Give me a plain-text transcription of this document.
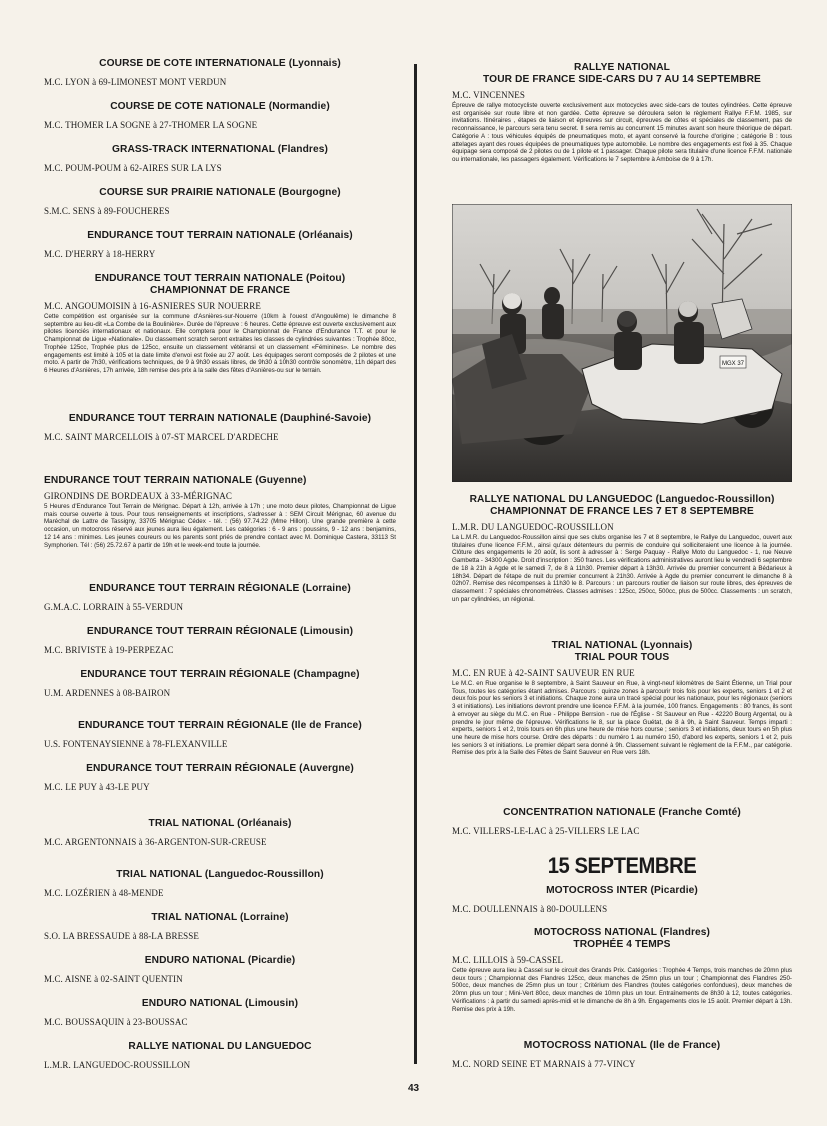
COURSE DE COTE INTERNATIONALE (Lyonnais)
M.C. LYON à 69-LIMONEST MONT VERDUN
COURSE DE COTE NATIONALE (Normandie)
M.C. THOMER LA SOGNE à 27-THOMER LA SOGNE
GRASS-TRACK INTERNATIONAL (Flandres)
M.C. POUM-POUM à 62-AIRES SUR LA LYS
COURSE SUR PRAIRIE NATIONALE (Bourgogne)
S.M.C. SENS à 89-FOUCHERES
ENDURANCE TOUT TERRAIN NATIONALE (Orléanais)
M.C. D'HERRY à 18-HERRY
ENDURANCE TOUT TERRAIN NATIONALE (Poitou)
CHAMPIONNAT DE FRANCE
M.C. ANGOUMOISIN à 16-ASNIERES SUR NOUERRE
Cette compétition est organisée sur la commune d'Asnières-sur-Nouerre (10km à l'ouest d'Angoulême) le dimanche 8 septembre au lieu-dit «La Combe de la Boulinière». Durée de l'épreuve : 6 heures. Cette épreuve est ouverte exclusivement aux pilotes licenciés internationaux et nationaux. Elle comptera pour le Championnat de France d'Endurance T.T. et pour le Championnat de Ligue «Nationale». Du classement scratch seront extraites les classes de cylindrées suivantes : Trophée 80cc, Trophée 125cc, Trophée plus de 125cc, ensuite un classement vétéransi et un classement «Féminines». Le nombre des engagements est limité à 105 et la date limite d'envoi est fixée au 27 août. Les équipages seront composés de 2 pilotes et une moto. A partir de 7h30, vérifications techniques, de 9 à 9h30 essais libres, de 9h30 à 10h30 contrôle sonomètre, 11h départ des 6 Heures d'Asnières, 17h arrivée, 18h remise des prix à la salle des fêtes d'Asnières-ou sur le terrain.
ENDURANCE TOUT TERRAIN NATIONALE (Dauphiné-Savoie)
M.C. SAINT MARCELLOIS à 07-ST MARCEL D'ARDECHE
ENDURANCE TOUT TERRAIN NATIONALE (Guyenne)
GIRONDINS DE BORDEAUX à 33-MÉRIGNAC
5 Heures d'Endurance Tout Terrain de Mérignac. Départ à 12h, arrivée à 17h ; une moto deux pilotes, Championnat de Ligue mais course ouverte à tous. Pour tous renseignements et inscriptions, s'adresser à : SEM Circuit Mérignac, 60 avenue du Maréchal de Lattre de Tassigny, 33705 Mérignac Cédex - tél. : (56) 97.74.22 (Mme Hillon). Une grande première à cette occasion, un motocross réservé aux jeunes aura lieu également. Les catégories : 6 - 9 ans : poussins, 9 - 12 ans : benjamins, 12 14 ans : minimes. Les jeunes coureurs ou les parents sont priés de prendre contact avec M. Dominique Castera, 33113 St Symphorien. Tél : (56) 25.72.67 à partir de 19h et le week-end toute la journée.
ENDURANCE TOUT TERRAIN RÉGIONALE (Lorraine)
G.M.A.C. LORRAIN à 55-VERDUN
ENDURANCE TOUT TERRAIN RÉGIONALE (Limousin)
M.C. BRIVISTE à 19-PERPEZAC
ENDURANCE TOUT TERRAIN RÉGIONALE (Champagne)
U.M. ARDENNES à 08-BAIRON
ENDURANCE TOUT TERRAIN RÉGIONALE (Ile de France)
U.S. FONTENAYSIENNE à 78-FLEXANVILLE
ENDURANCE TOUT TERRAIN RÉGIONALE (Auvergne)
M.C. LE PUY à 43-LE PUY
TRIAL NATIONAL (Orléanais)
M.C. ARGENTONNAIS à 36-ARGENTON-SUR-CREUSE
TRIAL NATIONAL (Languedoc-Roussillon)
M.C. LOZÉRIEN à 48-MENDE
TRIAL NATIONAL (Lorraine)
S.O. LA BRESSAUDE à 88-LA BRESSE
ENDURO NATIONAL (Picardie)
M.C. AISNE à 02-SAINT QUENTIN
ENDURO NATIONAL (Limousin)
M.C. BOUSSAQUIN à 23-BOUSSAC
RALLYE NATIONAL DU LANGUEDOC
L.M.R. LANGUEDOC-ROUSSILLON
RALLYE NATIONAL
TOUR DE FRANCE SIDE-CARS DU 7 AU 14 SEPTEMBRE
M.C. VINCENNES
Épreuve de rallye motocycliste ouverte exclusivement aux motocycles avec side-cars de toutes cylindrées. Cette épreuve est organisée sur route libre et non gardée. Cette épreuve se déroulera selon le règlement Rallye F.F.M. 1985, sur invitations. Itinéraires , étapes de liaison et épreuves sur circuit, épreuves de côtes et spéciales de classement, pas de reconnaissance, le parcours sera tenu secret. Il sera remis au concurrent 15 minutes avant son heure théorique de départ. Catégorie A : tous véhicules équipés de pneumatiques moto, et ayant conservé la fourche d'origine ; catégorie B : tous attelages ayant des roues équipées de pneumatiques type automobile. Le nombre des engagements est fixé à 35. Chaque équipage sera composé de 2 pilotes ou de 1 pilote et 1 passager. Chaque pilote sera titulaire d'une licence F.F.M. nationale ou internationale, les passagers également. Vérifications le 7 septembre à Amboise de 9 à 17h.
RALLYE NATIONAL DU LANGUEDOC (Languedoc-Roussillon)
CHAMPIONNAT DE FRANCE LES 7 ET 8 SEPTEMBRE
L.M.R. DU LANGUEDOC-ROUSSILLON
La L.M.R. du Languedoc-Roussillon ainsi que ses clubs organise les 7 et 8 septembre, le Rallye du Languedoc, ouvert aux titulaires d'une licence F.F.M., ainsi qu'aux détenteurs du permis de conduire qui solliciteraient une licence à la journée. Clôture des engagements le 20 août, lis sont à adresser à : Serge Paquay - Rallye Moto du Languedoc - 1, rue Neuve Gambetta - 34300 Agde. Droit d'inscription : 350 francs. Les vérifications administratives auront lieu le vendredi 6 septembre de 18 à 21h à Agde et le samedi 7, de 8 à 11h30. Premier départ à 13h30. Arrivée du premier concurrent à Bédarieux à 18h34. Départ de l'étape de nuit du premier concurrent à 21h30. Arrivée à Agde du premier concurrent le dimanche 8 à 02h07. Remise des récompenses à 11h30 le 8. Parcours : un parcours routier de liaison sur route libres, des épreuves de classement : 7 spéciales chronométrées. Classes admises : 125cc, 250cc, 500cc, plus de 500cc. Classements : un scratch, un par cylindrées, un régional.
TRIAL NATIONAL (Lyonnais)
TRIAL POUR TOUS
M.C. EN RUE à 42-SAINT SAUVEUR EN RUE
Le M.C. en Rue organise le 8 septembre, à Saint Sauveur en Rue, à vingt-neuf kilomètres de Saint Étienne, un Trial pour Tous, toutes les catégories étant admises. Parcours : quinze zones à parcourir trois fois pour les experts, seniors 1 et 2 et deux fois pour les seniors 3 et initiations. Chaque zone aura un tracé spécial pour les nationaux, pour les régionaux (seniors 3 et initiations). Les initiations devront prendre une licence F.F.M. à la journée, 100 francs. Engagements : 80 francs, ils sont à envoyer au siège du M.C. en Rue - Philippe Berrsion - rue de l'Église - St Sauveur en Rue - 42220 Bourg Argental, ou à prendre le jour même de l'épreuve. Vérifications le 8, sur la place Guétat, de 8 à 9h, à Saint Sauveur. Temps imparti : experts, seniors 1 et 2, trois tours en 6h plus une heure de mise hors course ; seniors 3 et initiations, deux tours en 5h plus une heure de mise hors course. Ordre des départs : du numéro 1 au numéro 150, d'abord les experts, seniors 1 et 2, puis les seniors 3 et initiations. Le premier départ sera donné à 9h. Classement suivant le règlement de la F.F.M., par catégorie. Remise des prix à la Salle des Fêtes de Saint Sauveur en Rue vers 18h.
CONCENTRATION NATIONALE (Franche Comté)
M.C. VILLERS-LE-LAC à 25-VILLERS LE LAC
15 SEPTEMBRE
MOTOCROSS INTER (Picardie)
M.C. DOULLENNAIS à 80-DOULLENS
MOTOCROSS NATIONAL (Flandres)
TROPHÉE 4 TEMPS
M.C. LILLOIS à 59-CASSEL
Cette épreuve aura lieu à Cassel sur le circuit des Grands Prix. Catégories : Trophée 4 Temps, trois manches de 20mn plus deux tours ; Championnat des Flandres 125cc, deux manches de 25mn plus un tour ; Championnat des Flandres 250-500cc, deux manches de 25mn plus un tour ; Critérium des Flandres (toutes catégories confondues), deux manches de 20mn plus un tour ; Mini-Vert 80cc, deux manches de 10mn plus un tour. Entraînements de 8h30 à 12, toutes catégories. Vérifications : à partir du samedi après-midi et le dimanche de 8h à 9h. Engagements clos le 15 août. Premier départ à 13h. Remise des prix à 19h.
MOTOCROSS NATIONAL (Ile de France)
M.C. NORD SEINE ET MARNAIS à 77-VINCY
MGX 37
43
